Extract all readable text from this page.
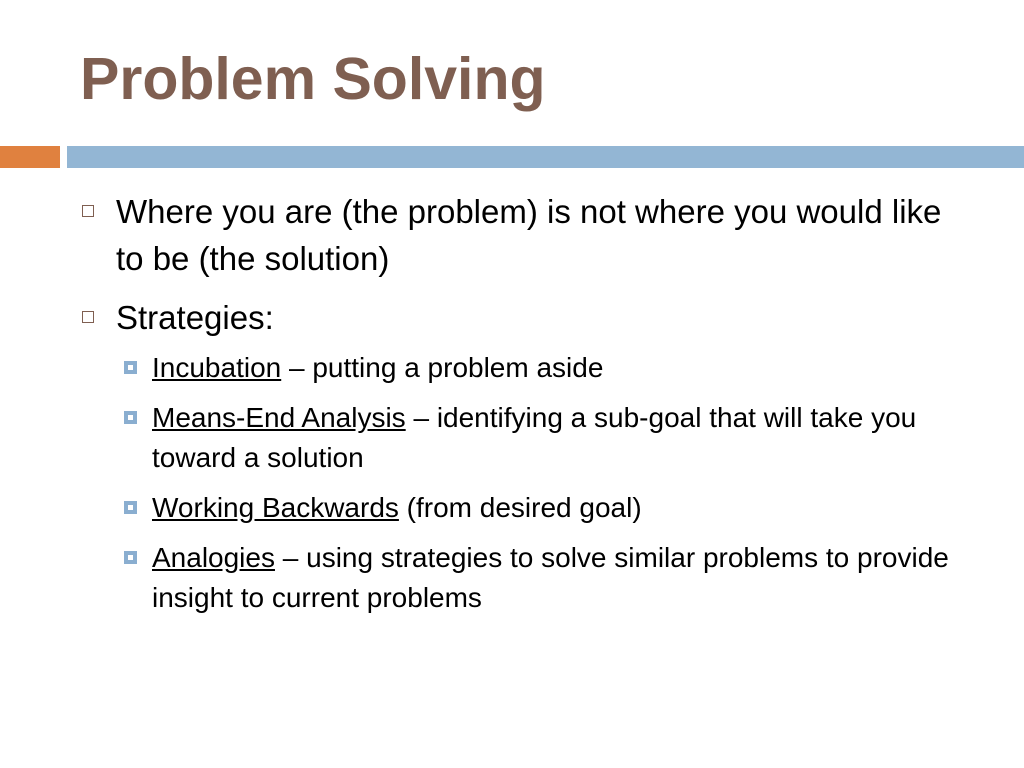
Problem Solving
Where you are (the problem) is not where you would like to be (the solution)
Strategies:
Incubation – putting a problem aside
Means-End Analysis – identifying a sub-goal that will take you toward a solution
Working Backwards (from desired goal)
Analogies – using strategies to solve similar problems to provide insight to current problems
